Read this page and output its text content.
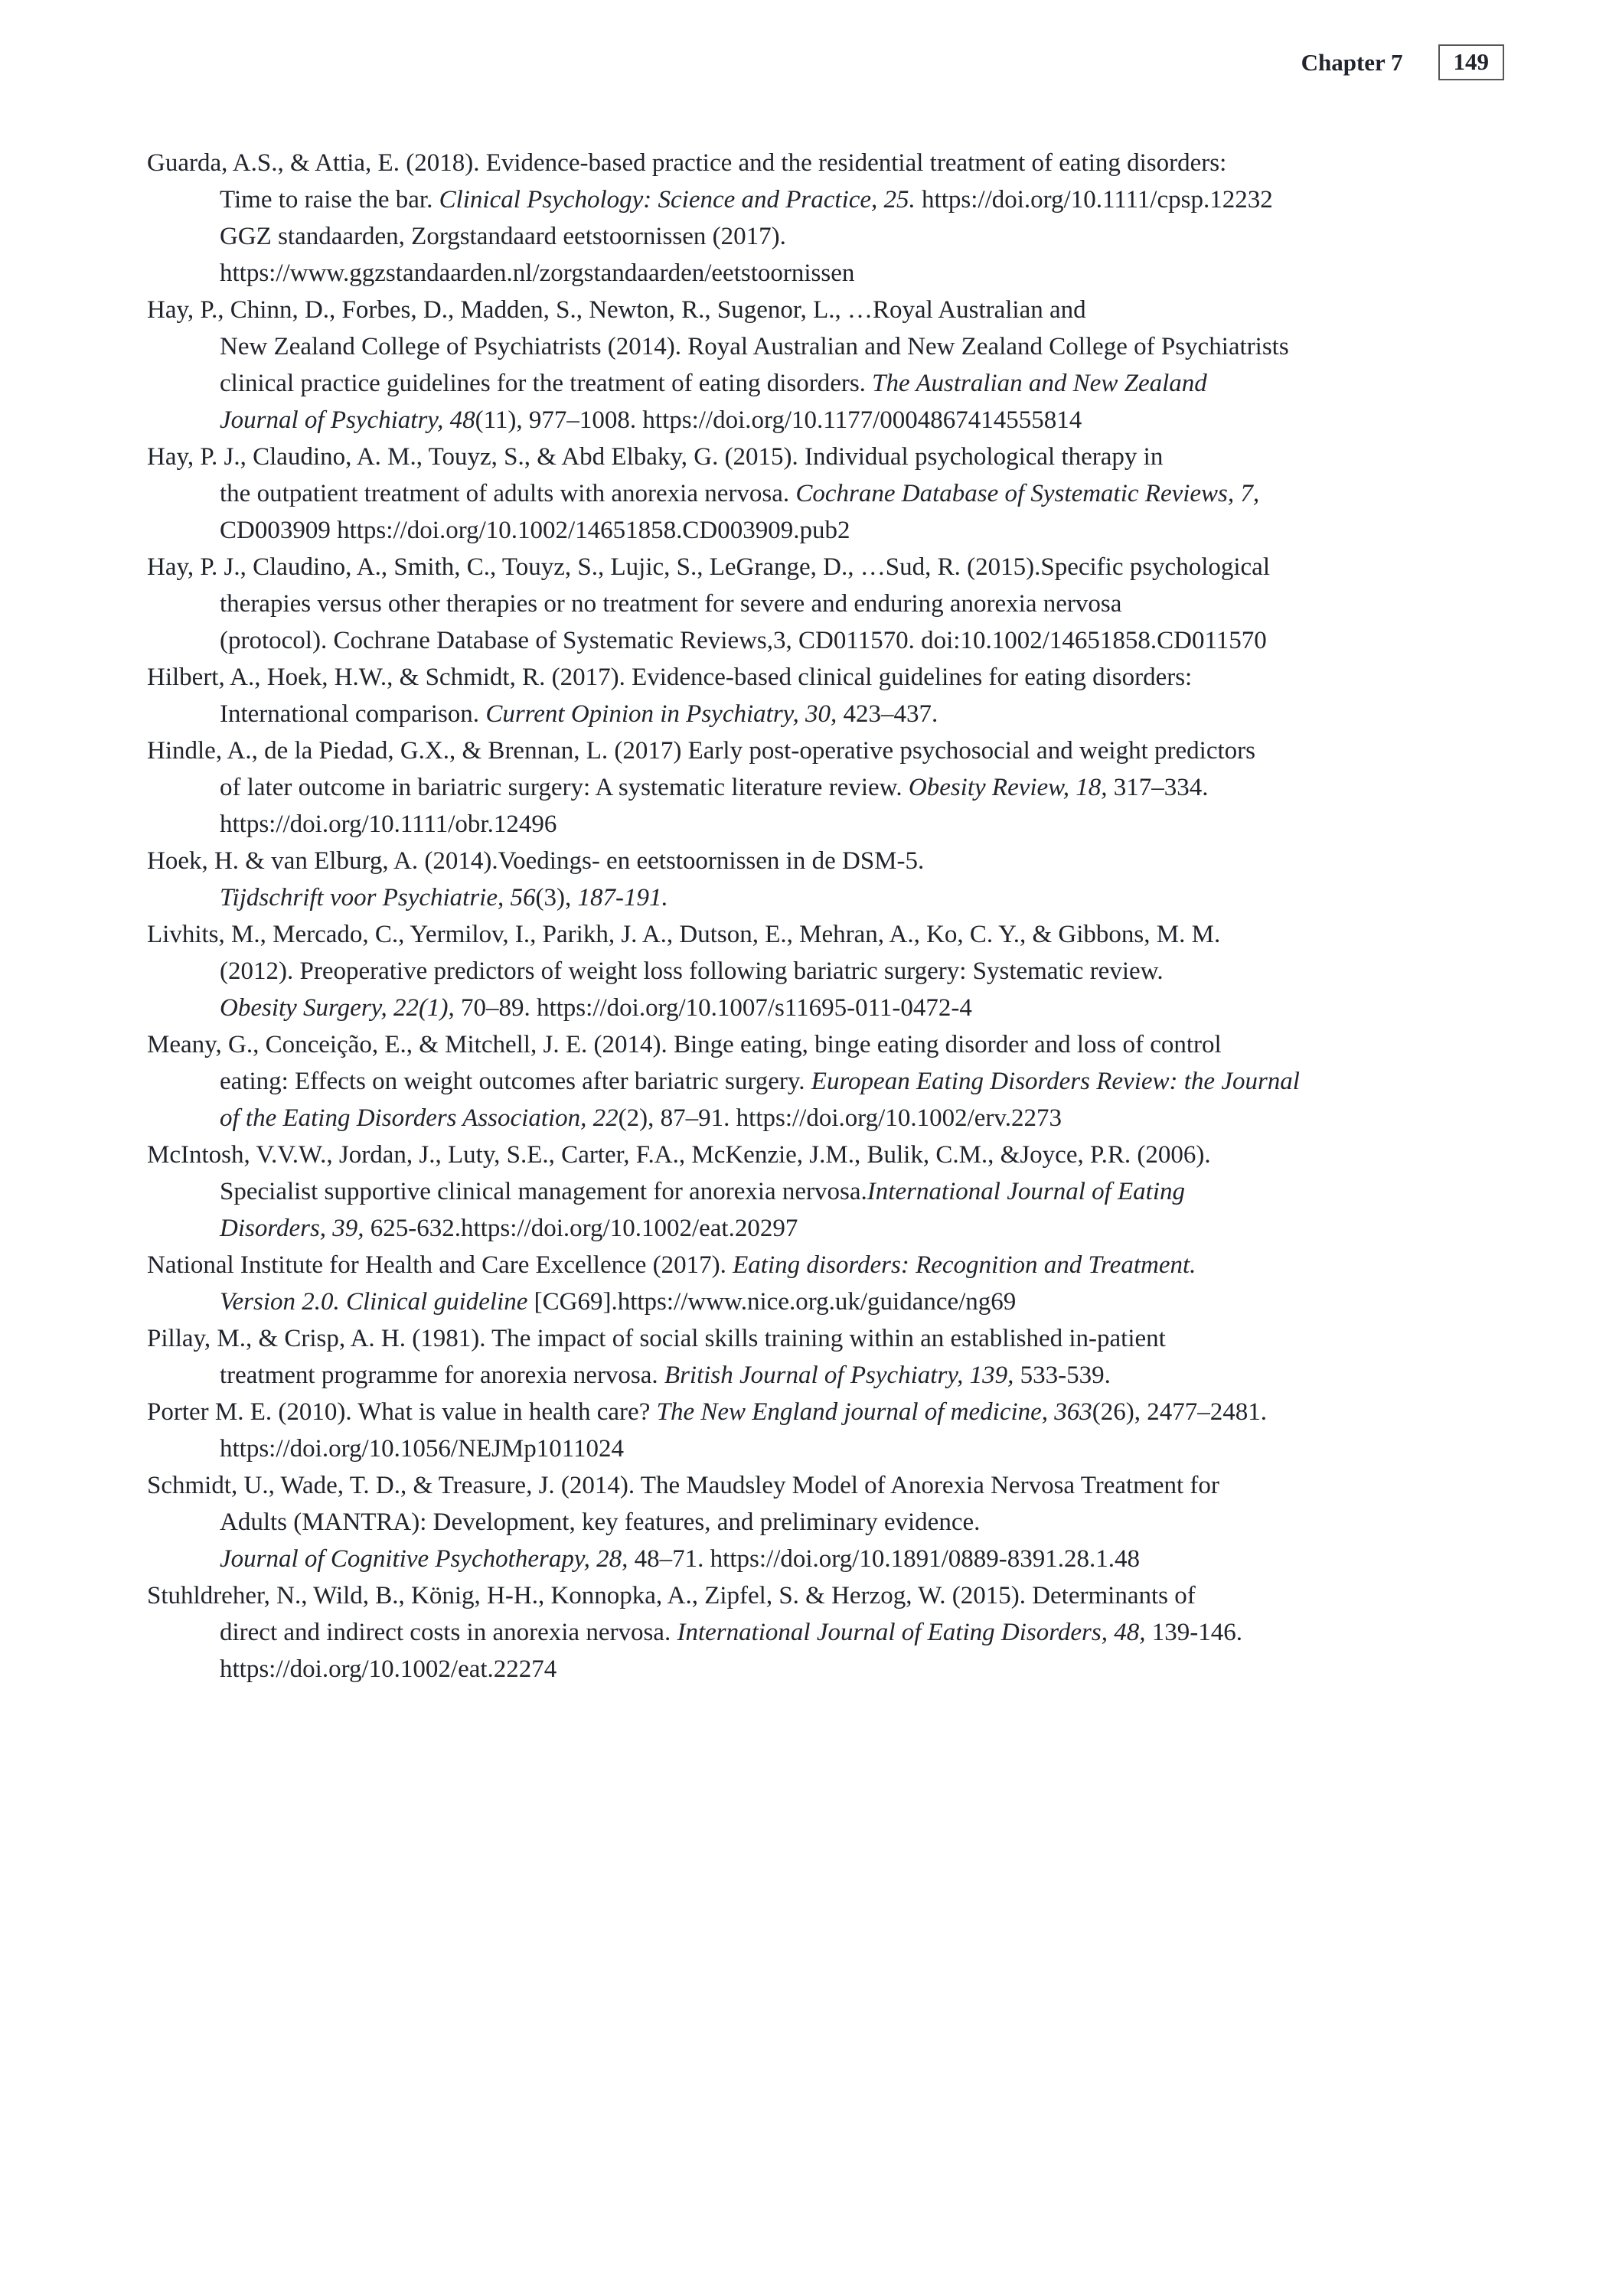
Chapter 7	149
Guarda, A.S., & Attia, E. (2018). Evidence-based practice and the residential treatment of eating disorders:
Time to raise the bar. Clinical Psychology: Science and Practice, 25. https://doi.org/10.1111/cpsp.12232
GGZ standaarden, Zorgstandaard eetstoornissen (2017).
https://www.ggzstandaarden.nl/zorgstandaarden/eetstoornissen
Hay, P., Chinn, D., Forbes, D., Madden, S., Newton, R., Sugenor, L., …Royal Australian and
New Zealand College of Psychiatrists (2014). Royal Australian and New Zealand College of Psychiatrists
clinical practice guidelines for the treatment of eating disorders. The Australian and New Zealand
Journal of Psychiatry, 48(11), 977–1008. https://doi.org/10.1177/0004867414555814
Hay, P. J., Claudino, A. M., Touyz, S., & Abd Elbaky, G. (2015). Individual psychological therapy in
the outpatient treatment of adults with anorexia nervosa. Cochrane Database of Systematic Reviews, 7,
CD003909 https://doi.org/10.1002/14651858.CD003909.pub2
Hay, P. J., Claudino, A., Smith, C., Touyz, S., Lujic, S., LeGrange, D., …Sud, R. (2015).Specific psychological
therapies versus other therapies or no treatment for severe and enduring anorexia nervosa
(protocol). Cochrane Database of Systematic Reviews,3, CD011570. doi:10.1002/14651858.CD011570
Hilbert, A., Hoek, H.W., & Schmidt, R. (2017). Evidence-based clinical guidelines for eating disorders:
International comparison. Current Opinion in Psychiatry, 30, 423–437.
Hindle, A., de la Piedad, G.X., & Brennan, L. (2017) Early post-operative psychosocial and weight predictors
of later outcome in bariatric surgery: A systematic literature review. Obesity Review, 18, 317–334.
https://doi.org/10.1111/obr.12496
Hoek, H. & van Elburg, A. (2014).Voedings- en eetstoornissen in de DSM-5.
Tijdschrift voor Psychiatrie, 56(3), 187-191.
Livhits, M., Mercado, C., Yermilov, I., Parikh, J. A., Dutson, E., Mehran, A., Ko, C. Y., & Gibbons, M. M.
(2012). Preoperative predictors of weight loss following bariatric surgery: Systematic review.
Obesity Surgery, 22(1), 70–89. https://doi.org/10.1007/s11695-011-0472-4
Meany, G., Conceição, E., & Mitchell, J. E. (2014). Binge eating, binge eating disorder and loss of control
eating: Effects on weight outcomes after bariatric surgery. European Eating Disorders Review: the Journal
of the Eating Disorders Association, 22(2), 87–91. https://doi.org/10.1002/erv.2273
McIntosh, V.V.W., Jordan, J., Luty, S.E., Carter, F.A., McKenzie, J.M., Bulik, C.M., &Joyce, P.R. (2006).
Specialist supportive clinical management for anorexia nervosa.International Journal of Eating
Disorders, 39, 625-632.https://doi.org/10.1002/eat.20297
National Institute for Health and Care Excellence (2017). Eating disorders: Recognition and Treatment.
Version 2.0. Clinical guideline [CG69].https://www.nice.org.uk/guidance/ng69
Pillay, M., & Crisp, A. H. (1981). The impact of social skills training within an established in-patient
treatment programme for anorexia nervosa. British Journal of Psychiatry, 139, 533-539.
Porter M. E. (2010). What is value in health care? The New England journal of medicine, 363(26), 2477–2481.
https://doi.org/10.1056/NEJMp1011024
Schmidt, U., Wade, T. D., & Treasure, J. (2014). The Maudsley Model of Anorexia Nervosa Treatment for
Adults (MANTRA): Development, key features, and preliminary evidence.
Journal of Cognitive Psychotherapy, 28, 48–71. https://doi.org/10.1891/0889-8391.28.1.48
Stuhldreher, N., Wild, B., König, H-H., Konnopka, A., Zipfel, S. & Herzog, W. (2015). Determinants of
direct and indirect costs in anorexia nervosa. International Journal of Eating Disorders, 48, 139-146.
https://doi.org/10.1002/eat.22274
